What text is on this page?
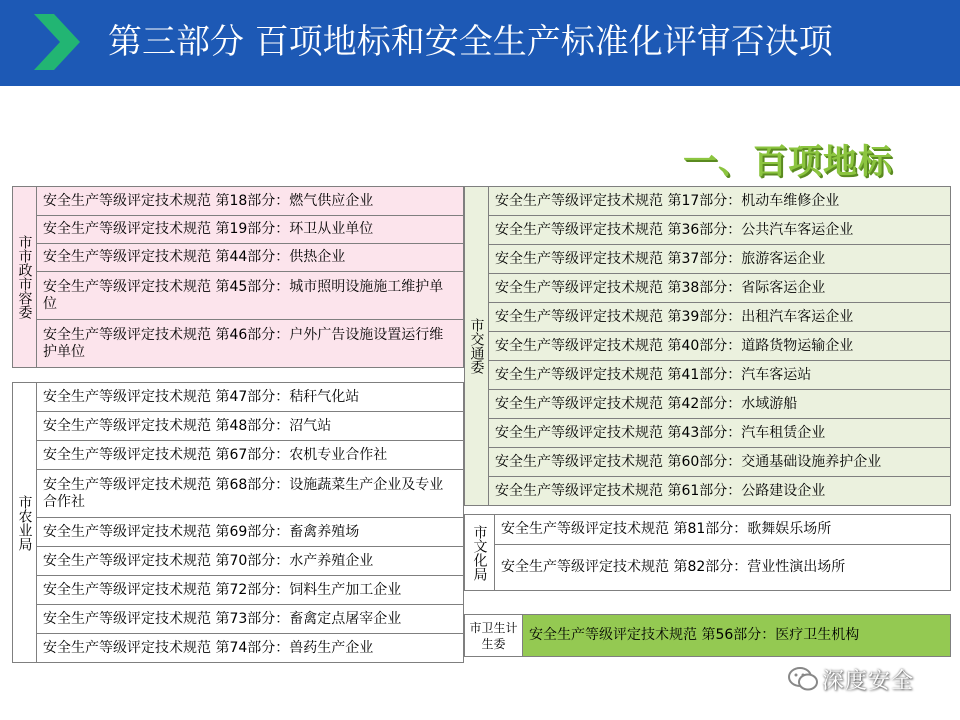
第三部分 百项地标和安全生产标准化评审否决项
一、百项地标
市市政市容委	安全生产等级评定技术规范 第18部分：燃气供应企业
安全生产等级评定技术规范 第19部分：环卫从业单位
安全生产等级评定技术规范 第44部分：供热企业
安全生产等级评定技术规范 第45部分：城市照明设施施工维护单位
安全生产等级评定技术规范 第46部分：户外广告设施设置运行维护单位
市农业局	安全生产等级评定技术规范 第47部分：秸秆气化站
安全生产等级评定技术规范 第48部分：沼气站
安全生产等级评定技术规范 第67部分：农机专业合作社
安全生产等级评定技术规范 第68部分：设施蔬菜生产企业及专业合作社
安全生产等级评定技术规范 第69部分：畜禽养殖场
安全生产等级评定技术规范 第70部分：水产养殖企业
安全生产等级评定技术规范 第72部分：饲料生产加工企业
安全生产等级评定技术规范 第73部分：畜禽定点屠宰企业
安全生产等级评定技术规范 第74部分：兽药生产企业
市交通委	安全生产等级评定技术规范 第17部分：机动车维修企业
安全生产等级评定技术规范 第36部分：公共汽车客运企业
安全生产等级评定技术规范 第37部分：旅游客运企业
安全生产等级评定技术规范 第38部分：省际客运企业
安全生产等级评定技术规范 第39部分：出租汽车客运企业
安全生产等级评定技术规范 第40部分：道路货物运输企业
安全生产等级评定技术规范 第41部分：汽车客运站
安全生产等级评定技术规范 第42部分：水域游船
安全生产等级评定技术规范 第43部分：汽车租赁企业
安全生产等级评定技术规范 第60部分：交通基础设施养护企业
安全生产等级评定技术规范 第61部分：公路建设企业
市文化局	安全生产等级评定技术规范 第81部分：歌舞娱乐场所
安全生产等级评定技术规范 第82部分：营业性演出场所
市卫生计生委	安全生产等级评定技术规范 第56部分：医疗卫生机构
深度安全
